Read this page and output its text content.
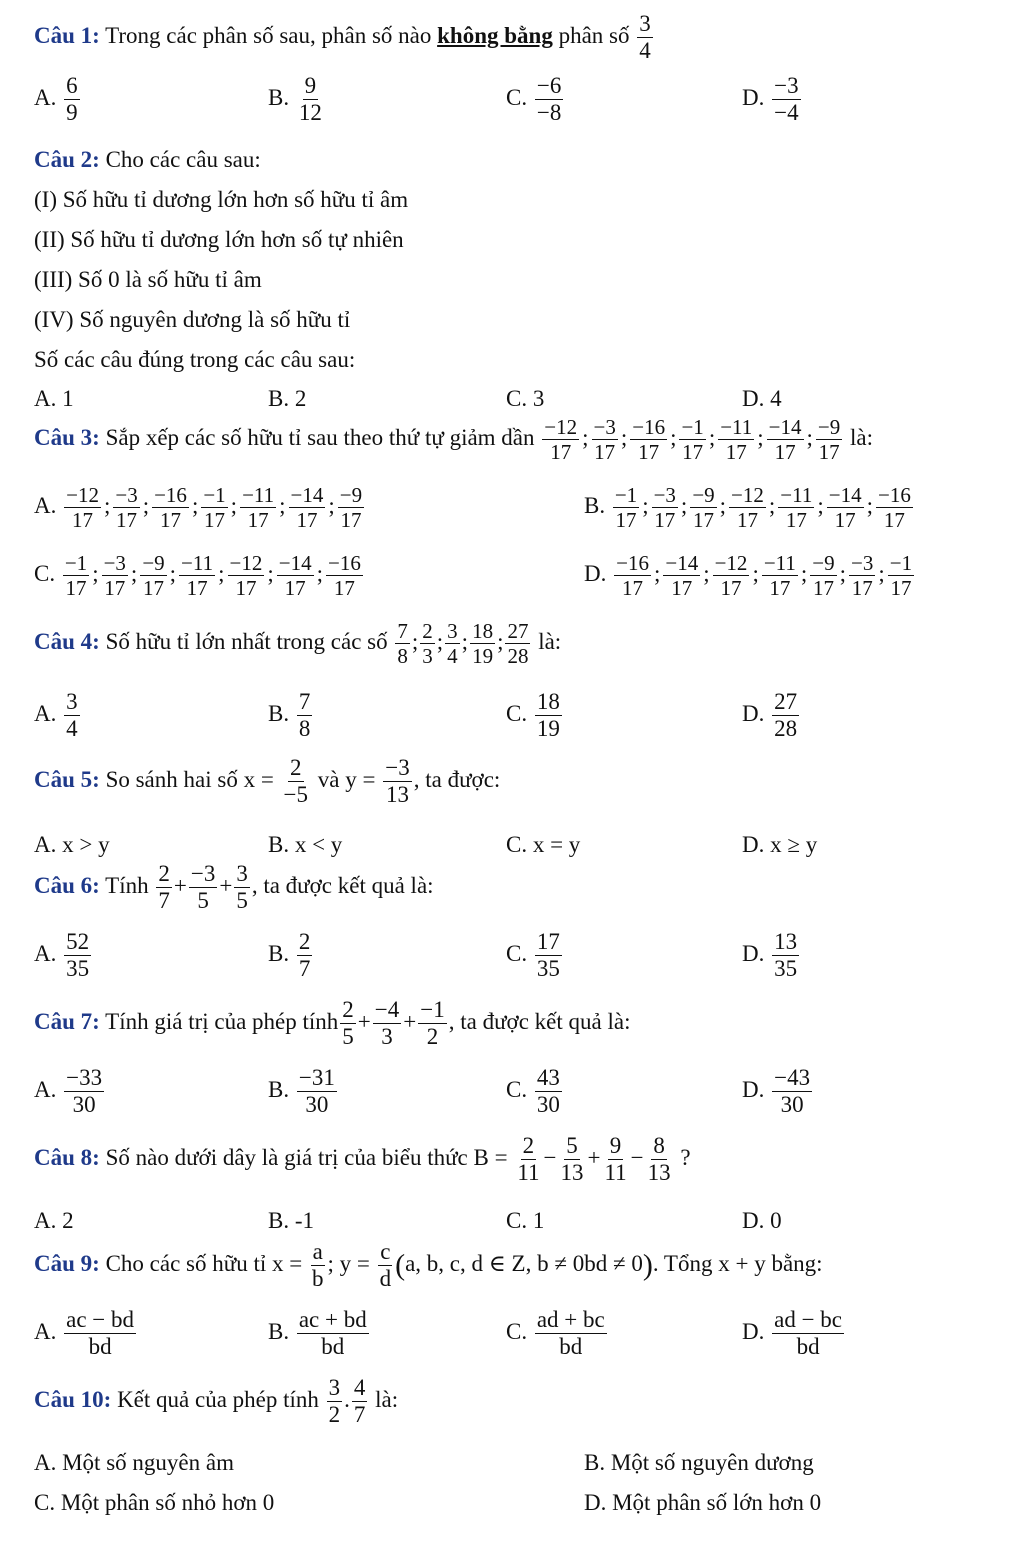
Câu 1: Trong các phân số sau, phân số nào không bằng phân số $\frac{3}{4}$
A. $\frac{6}{9}$	B. $\frac{9}{12}$	C. $\frac{-6}{-8}$	D. $\frac{-3}{-4}$
Câu 2: Cho các câu sau:
(I) Số hữu tỉ dương lớn hơn số hữu tỉ âm
(II) Số hữu tỉ dương lớn hơn số tự nhiên
(III) Số 0 là số hữu tỉ âm
(IV) Số nguyên dương là số hữu tỉ
Số các câu đúng trong các câu sau:
A. 1	B. 2	C. 3	D. 4
Câu 3: Sắp xếp các số hữu tỉ sau theo thứ tự giảm dần $\frac{-12}{17}$ ; $\frac{-3}{17}$ ; $\frac{-16}{17}$ ; $\frac{-1}{17}$ ; $\frac{-11}{17}$ ; $\frac{-14}{17}$ ; $\frac{-9}{17}$ là:
A. $\frac{-12}{17}$ ; $\frac{-3}{17}$ ; $\frac{-16}{17}$ ; $\frac{-1}{17}$ ; $\frac{-11}{17}$ ; $\frac{-14}{17}$ ; $\frac{-9}{17}$	B. $\frac{-1}{17}$ ; $\frac{-3}{17}$ ; $\frac{-9}{17}$ ; $\frac{-12}{17}$ ; $\frac{-11}{17}$ ; $\frac{-14}{17}$ ; $\frac{-16}{17}$
C. $\frac{-1}{17}$ ; $\frac{-3}{17}$ ; $\frac{-9}{17}$ ; $\frac{-11}{17}$ ; $\frac{-12}{17}$ ; $\frac{-14}{17}$ ; $\frac{-16}{17}$	D. $\frac{-16}{17}$ ; $\frac{-14}{17}$ ; $\frac{-12}{17}$ ; $\frac{-11}{17}$ ; $\frac{-9}{17}$ ; $\frac{-3}{17}$ ; $\frac{-1}{17}$
Câu 4: Số hữu tỉ lớn nhất trong các số $\frac{7}{8}$ ; $\frac{2}{3}$ ; $\frac{3}{4}$ ; $\frac{18}{19}$ ; $\frac{27}{28}$ là:
A. $\frac{3}{4}$	B. $\frac{7}{8}$	C. $\frac{18}{19}$	D. $\frac{27}{28}$
Câu 5: So sánh hai số $x = \frac{2}{-5}$ và $y = \frac{-3}{13}$ , ta được:
A. x > y	B. x < y	C. x = y	D. x ≥ y
Câu 6: Tính $\frac{2}{7} + \frac{-3}{5} + \frac{3}{5}$ , ta được kết quả là:
A. $\frac{52}{35}$	B. $\frac{2}{7}$	C. $\frac{17}{35}$	D. $\frac{13}{35}$
Câu 7: Tính giá trị của phép tính $\frac{2}{5} + \frac{-4}{3} + \frac{-1}{2}$ , ta được kết quả là:
A. $\frac{-33}{30}$	B. $\frac{-31}{30}$	C. $\frac{43}{30}$	D. $\frac{-43}{30}$
Câu 8: Số nào dưới dây là giá trị của biểu thức $B = \frac{2}{11} - \frac{5}{13} + \frac{9}{11} - \frac{8}{13}$ ?
A. 2	B. -1	C. 1	D. 0
Câu 9: Cho các số hữu tỉ $x = \frac{a}{b}$ ; $y = \frac{c}{d} (a$, b, c, d ∈ Z, b ≠ 0bd ≠ 0). Tổng x + y bằng:
A. $\frac{ac - bd}{bd}$	B. $\frac{ac + bd}{bd}$	C. $\frac{ad + bc}{bd}$	D. $\frac{ad - bc}{bd}$
Câu 10: Kết quả của phép tính $\frac{3}{2}$ . $\frac{4}{7}$ là:
A. Một số nguyên âm	B. Một số nguyên dương
C. Một phân số nhỏ hơn 0	D. Một phân số lớn hơn 0
